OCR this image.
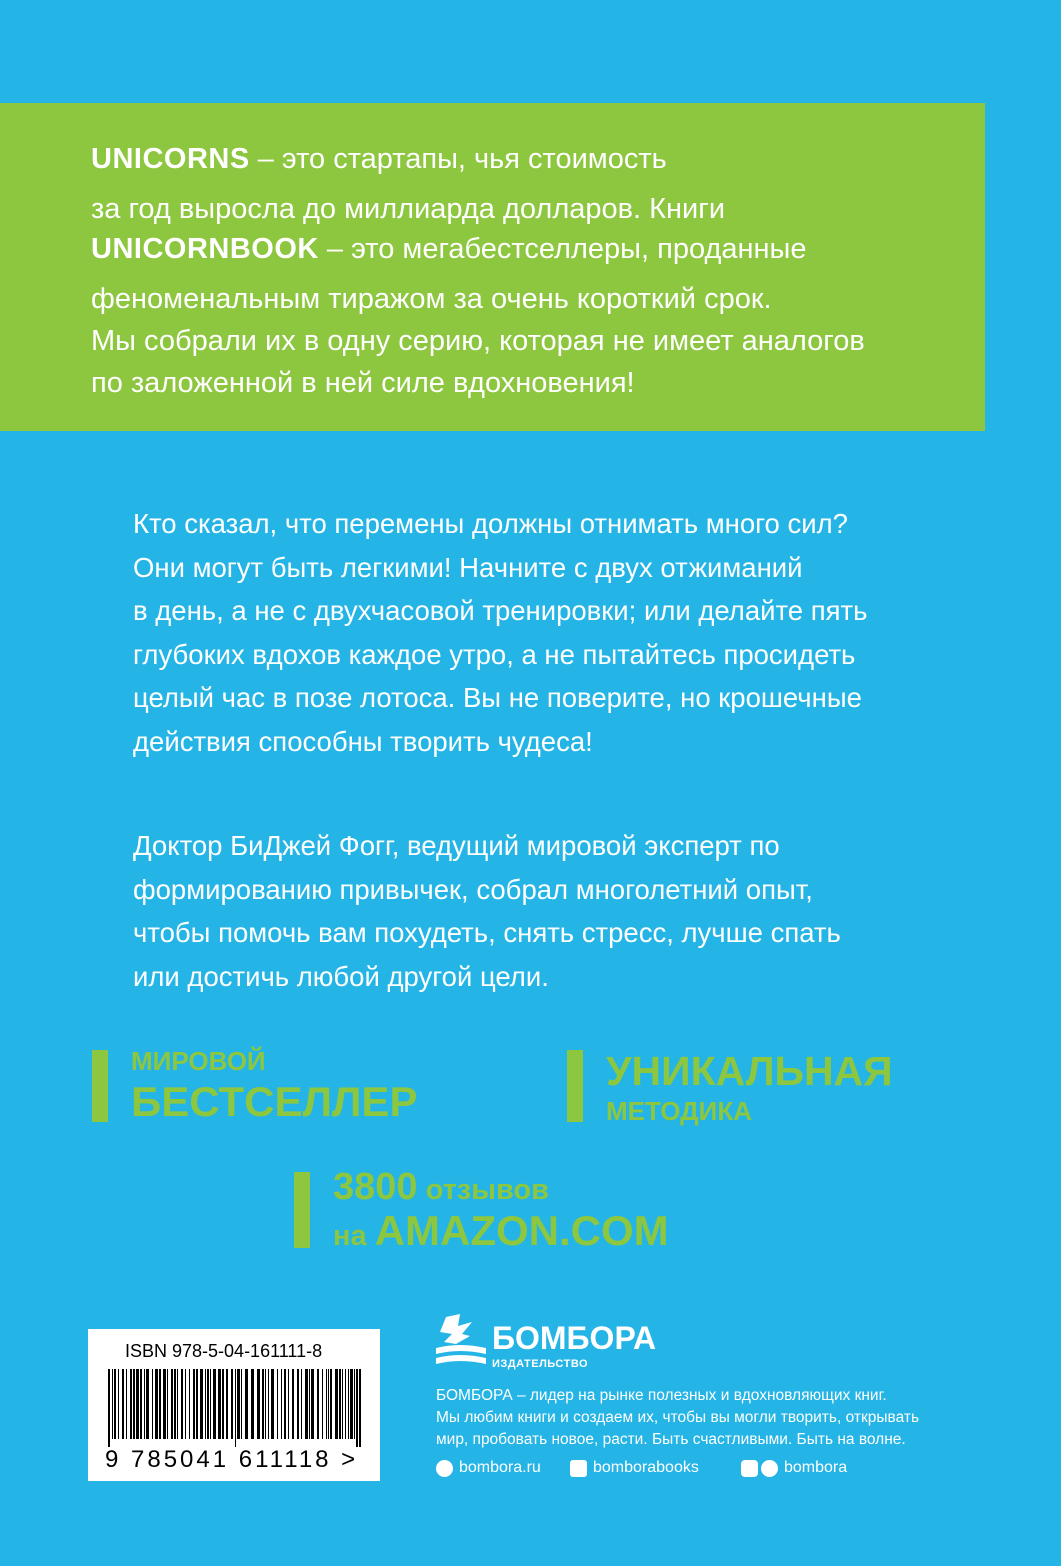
UNICORNS – это стартапы, чья стоимость
за год выросла до миллиарда долларов. Книги
UNICORNBOOK – это мегабестселлеры, проданные
феноменальным тиражом за очень короткий срок.
Мы собрали их в одну серию, которая не имеет аналогов
по заложенной в ней силе вдохновения!
Кто сказал, что перемены должны отнимать много сил?
Они могут быть легкими! Начните с двух отжиманий
в день, а не с двухчасовой тренировки; или делайте пять
глубоких вдохов каждое утро, а не пытайтесь просидеть
целый час в позе лотоса. Вы не поверите, но крошечные
действия способны творить чудеса!
Доктор БиДжей Фогг, ведущий мировой эксперт по
формированию привычек, собрал многолетний опыт,
чтобы помочь вам похудеть, снять стресс, лучше спать
или достичь любой другой цели.
МИРОВОЙ
БЕСТСЕЛЛЕР
УНИКАЛЬНАЯ
МЕТОДИКА
3800 отзывов
на AMAZON.COM
ISBN 978-5-04-161111-8
9 785041 611118 >
БОМБОРА
ИЗДАТЕЛЬСТВО
БОМБОРА – лидер на рынке полезных и вдохновляющих книг.
Мы любим книги и создаем их, чтобы вы могли творить, открывать
мир, пробовать новое, расти. Быть счастливыми. Быть на волне.
bombora.ru	bomborabooks	bombora
